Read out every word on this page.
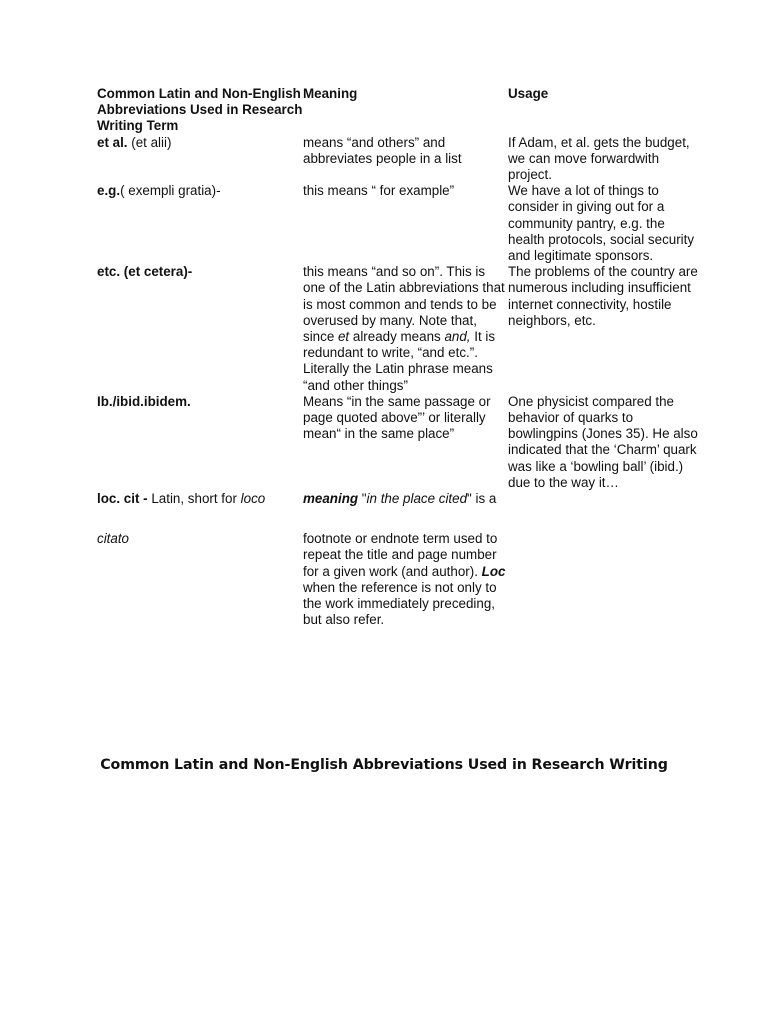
Common Latin and Non-English Abbreviations Used in Research Writing Term	Meaning	Usage
et al. (et alii)	means “and others” and abbreviates people in a list	If Adam, et al. gets the budget, we can move forwardwith project.
e.g.( exempli gratia)-	this means “ for example”	We have a lot of things to consider in giving out for a community pantry, e.g. the health protocols, social security and legitimate sponsors.
etc. (et cetera)-	this means “and so on”. This is one of the Latin abbreviations that is most common and tends to be overused by many. Note that, since et already means and, It is redundant to write, “and etc.”. Literally the Latin phrase means “and other things”	The problems of the country are numerous including insufficient internet connectivity, hostile neighbors, etc.
Ib./ibid.ibidem.	Means “in the same passage or page quoted above”’ or literally mean“ in the same place”	One physicist compared the behavior of quarks to bowlingpins (Jones 35). He also indicated that the ‘Charm’ quark was like a ‘bowling ball’ (ibid.) due to the way it…
loc. cit - Latin, short for loco	meaning "in the place cited" is a	

citato	footnote or endnote term used to repeat the title and page number for a given work (and author). Loc when the reference is not only to the work immediately preceding, but also refer.	
Common Latin and Non-English Abbreviations Used in Research Writing
